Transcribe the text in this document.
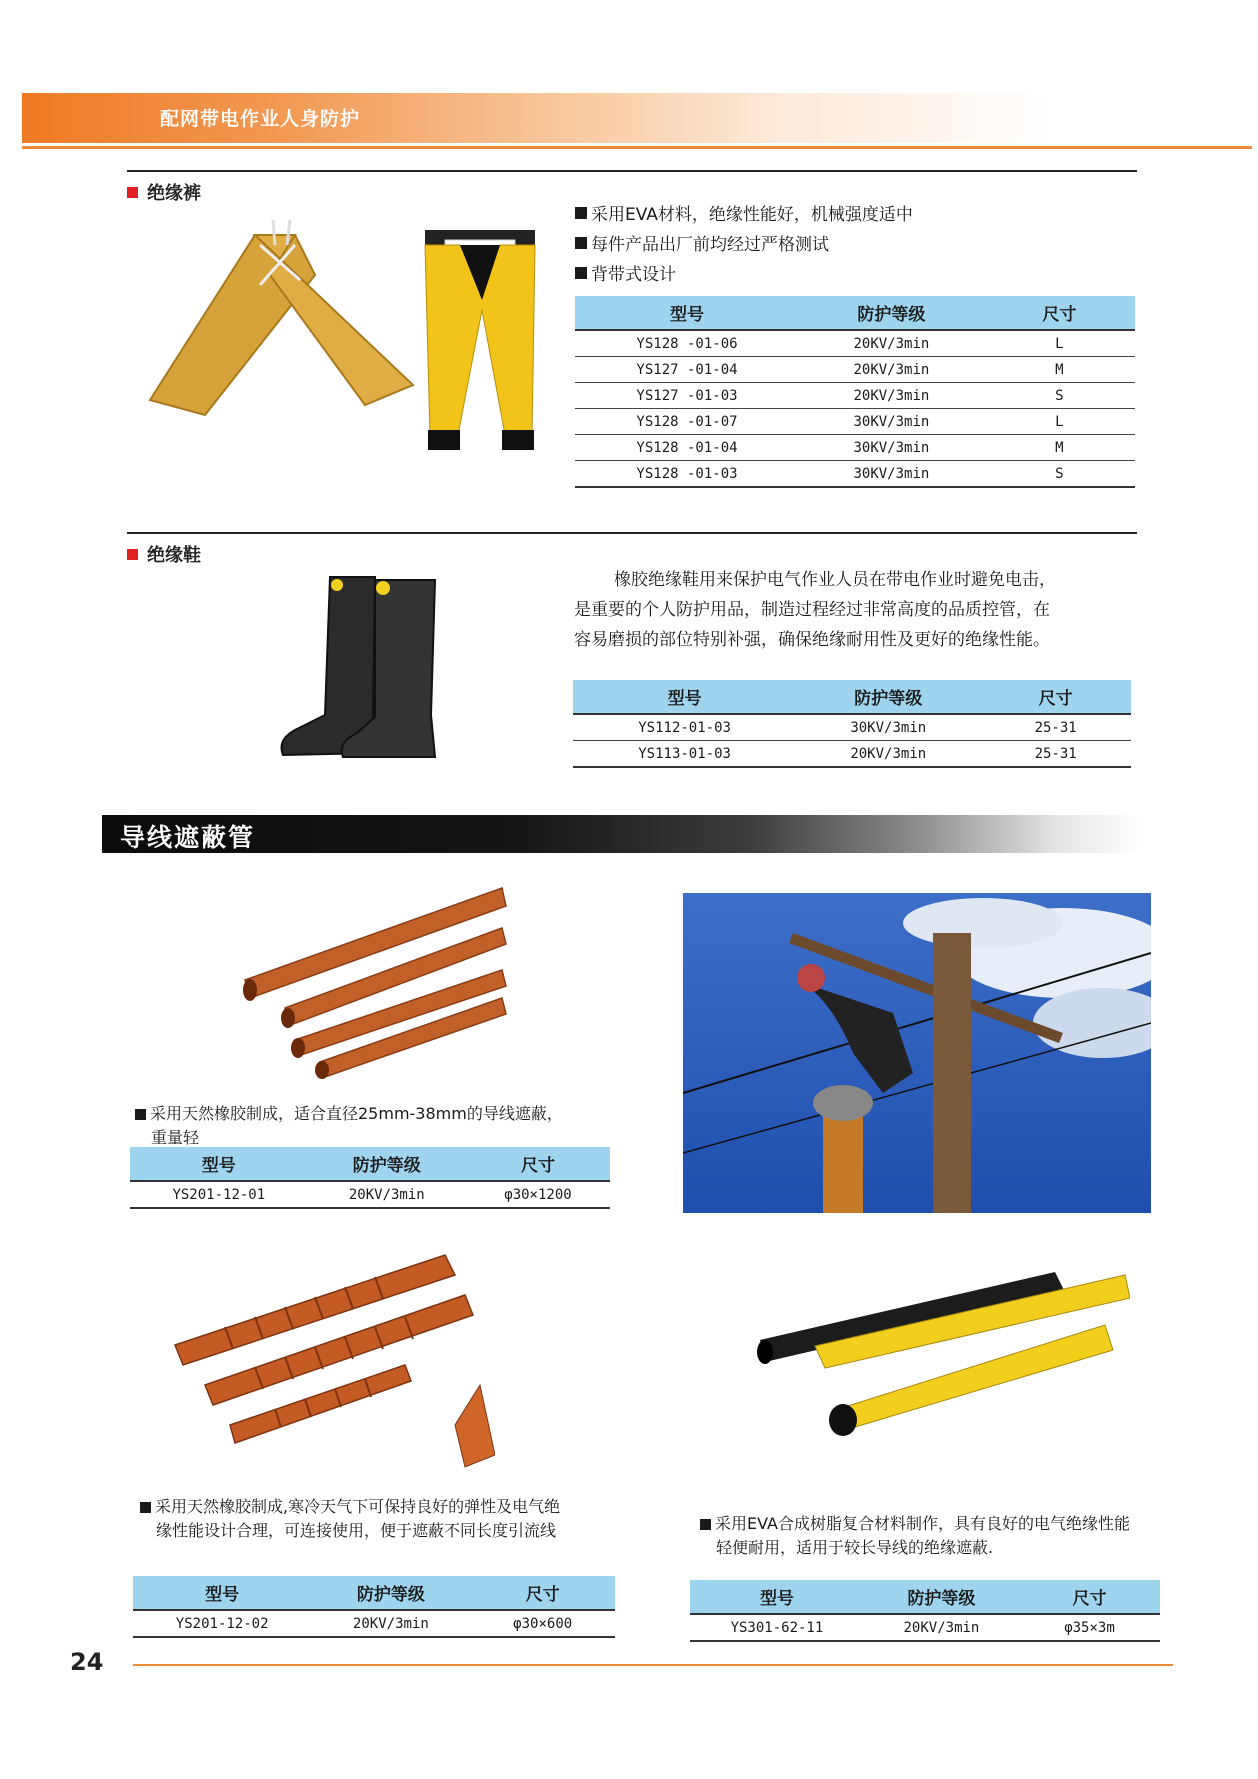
配网带电作业人身防护
绝缘裤
采用EVA材料，绝缘性能好，机械强度适中
每件产品出厂前均经过严格测试
背带式设计
型号	防护等级	尺寸
YS128 -01-06	20KV/3min	L
YS127 -01-04	20KV/3min	M
YS127 -01-03	20KV/3min	S
YS128 -01-07	30KV/3min	L
YS128 -01-04	30KV/3min	M
YS128 -01-03	30KV/3min	S
绝缘鞋
橡胶绝缘鞋用来保护电气作业人员在带电作业时避免电击，
是重要的个人防护用品，制造过程经过非常高度的品质控管，在
容易磨损的部位特别补强，确保绝缘耐用性及更好的绝缘性能。
型号	防护等级	尺寸
YS112-01-03	30KV/3min	25-31
YS113-01-03	20KV/3min	25-31
导线遮蔽管
采用天然橡胶制成，适合直径25mm-38mm的导线遮蔽，
重量轻
型号	防护等级	尺寸
YS201-12-01	20KV/3min	φ30×1200
采用天然橡胶制成,寒冷天气下可保持良好的弹性及电气绝
缘性能设计合理，可连接使用，便于遮蔽不同长度引流线
型号	防护等级	尺寸
YS201-12-02	20KV/3min	φ30×600
采用EVA合成树脂复合材料制作，具有良好的电气绝缘性能
轻便耐用，适用于较长导线的绝缘遮蔽.
型号	防护等级	尺寸
YS301-62-11	20KV/3min	φ35×3m
24
